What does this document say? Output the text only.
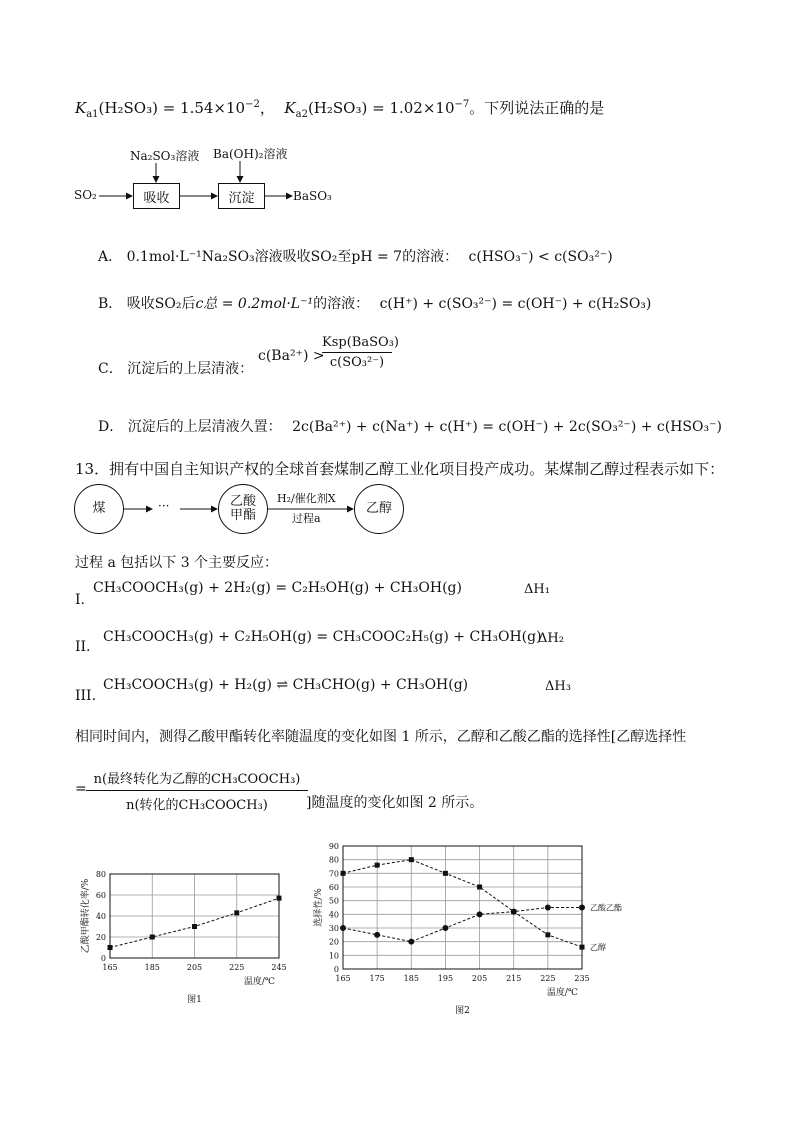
$K_{a1}(H_2SO_3) = 1.54\times 10^{-2}$， $K_{a2}(H_2SO_3) = 1.02\times 10^{-7}$。下列说法正确的是
Na₂SO₃溶液 Ba(OH)₂溶液
SO₂	吸收	沉淀	BaSO₃
A． 0.1mol·L⁻¹Na₂SO₃溶液吸收SO₂至pH = 7的溶液： c(HSO₃⁻) < c(SO₃²⁻)
B． 吸收SO₂后c总 = 0.2mol·L⁻¹的溶液： c(H⁺) + c(SO₃²⁻) = c(OH⁻) + c(H₂SO₃)
C． 沉淀后的上层清液：
c(Ba²⁺) >
Ksp(BaSO₃)
c(SO₃²⁻)
D． 沉淀后的上层清液久置： 2c(Ba²⁺) + c(Na⁺) + c(H⁺) = c(OH⁻) + 2c(SO₃²⁻) + c(HSO₃⁻)
13．拥有中国自主知识产权的全球首套煤制乙醇工业化项目投产成功。某煤制乙醇过程表示如下：
煤	···	乙酸
甲酯
H₂/催化剂X
过程a
乙醇
过程 a 包括以下 3 个主要反应：
I.
CH₃COOCH₃(g) + 2H₂(g) = C₂H₅OH(g) + CH₃OH(g)	ΔH₁
II.
CH₃COOCH₃(g) + C₂H₅OH(g) = CH₃COOC₂H₅(g) + CH₃OH(g)
ΔH₂
III.
CH₃COOCH₃(g) + H₂(g) ⇌ CH₃CHO(g) + CH₃OH(g)	ΔH₃
相同时间内，测得乙酸甲酯转化率随温度的变化如图 1 所示，乙醇和乙酸乙酯的选择性[乙醇选择性
=
n(最终转化为乙醇的CH₃COOCH₃)
n(转化的CH₃COOCH₃)	]随温度的变化如图 2 所示。
0
20
40
60
80
165	185	205	225	245
温度/℃
乙酸甲酯转化率/%
图1
0
10
20
30
40
50
60
70
80
90
165 175 185 195 205 215 225 235
温度/℃
选择性/%
图2
乙酸乙酯
乙醇
